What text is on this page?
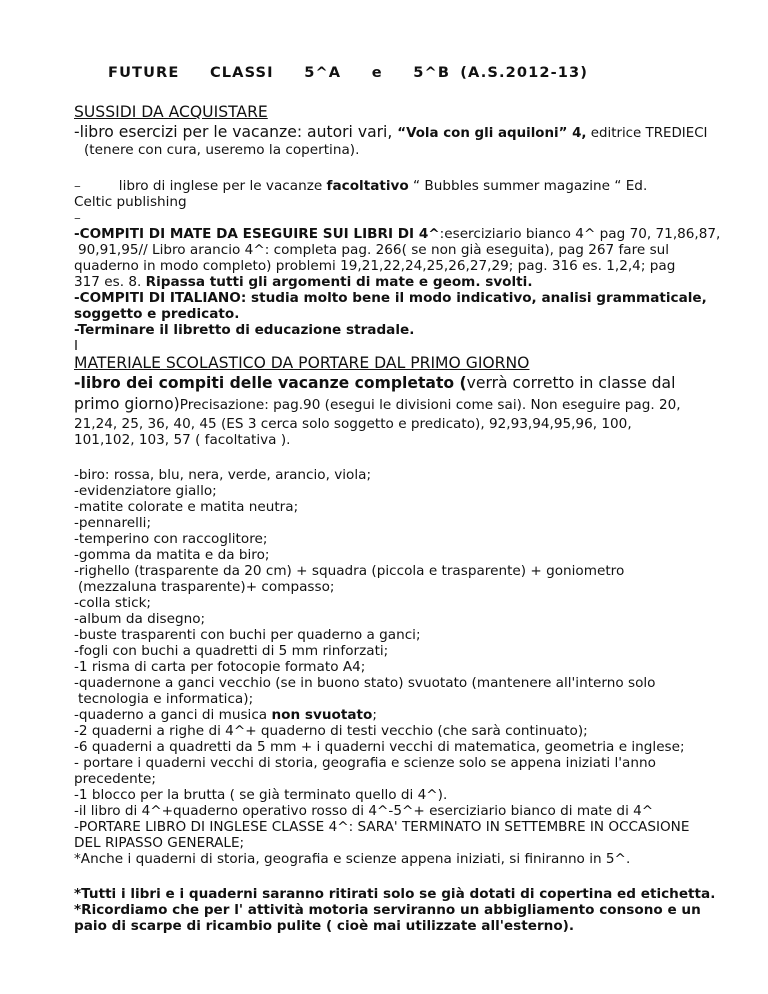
FUTURE   CLASSI   5^A   e   5^B (A.S.2012-13)
SUSSIDI DA ACQUISTARE
-libro esercizi per le vacanze: autori vari, “Vola con gli aquiloni” 4, editrice TREDIECI
(tenere con cura, useremo la copertina).
–	libro di inglese per le vacanze facoltativo “ Bubbles summer magazine “ Ed.
Celtic publishing
–
-COMPITI DI MATE DA ESEGUIRE SUI LIBRI DI 4^:eserciziario bianco 4^ pag 70, 71,86,87,
90,91,95// Libro arancio 4^: completa pag. 266( se non già eseguita), pag 267 fare sul
quaderno in modo completo) problemi 19,21,22,24,25,26,27,29; pag. 316 es. 1,2,4; pag
317 es. 8. Ripassa tutti gli argomenti di mate e geom. svolti.
-COMPITI DI ITALIANO: studia molto bene il modo indicativo, analisi grammaticale,
soggetto e predicato.
-Terminare il libretto di educazione stradale.
I
MATERIALE SCOLASTICO DA PORTARE DAL PRIMO GIORNO
-libro dei compiti delle vacanze completato (verrà corretto in classe dal
primo giorno)Precisazione: pag.90 (esegui le divisioni come sai). Non eseguire pag. 20,
21,24, 25, 36, 40, 45 (ES 3 cerca solo soggetto e predicato), 92,93,94,95,96, 100,
101,102, 103, 57 ( facoltativa ).
-biro: rossa, blu, nera, verde, arancio, viola;
-evidenziatore giallo;
-matite colorate e matita neutra;
-pennarelli;
-temperino con raccoglitore;
-gomma da matita e da biro;
-righello (trasparente da 20 cm) + squadra (piccola e trasparente) + goniometro
(mezzaluna trasparente)+ compasso;
-colla stick;
-album da disegno;
-buste trasparenti con buchi per quaderno a ganci;
-fogli con buchi a quadretti di 5 mm rinforzati;
-1 risma di carta per fotocopie formato A4;
-quadernone a ganci vecchio (se in buono stato) svuotato (mantenere all'interno solo
tecnologia e informatica);
-quaderno a ganci di musica non svuotato;
-2 quaderni a righe di 4^+ quaderno di testi vecchio (che sarà continuato);
-6 quaderni a quadretti da 5 mm + i quaderni vecchi di matematica, geometria e inglese;
- portare i quaderni vecchi di storia, geografia e scienze solo se appena iniziati l'anno
precedente;
-1 blocco per la brutta ( se già terminato quello di 4^).
-il libro di 4^+quaderno operativo rosso di 4^-5^+ eserciziario bianco di mate di 4^
-PORTARE LIBRO DI INGLESE CLASSE 4^: SARA' TERMINATO IN SETTEMBRE IN OCCASIONE
DEL RIPASSO GENERALE;
*Anche i quaderni di storia, geografia e scienze appena iniziati, si finiranno in 5^.
*Tutti i libri e i quaderni saranno ritirati solo se già dotati di copertina ed etichetta.
*Ricordiamo che per l' attività motoria serviranno un abbigliamento consono e un
paio di scarpe di ricambio pulite ( cioè mai utilizzate all'esterno).
